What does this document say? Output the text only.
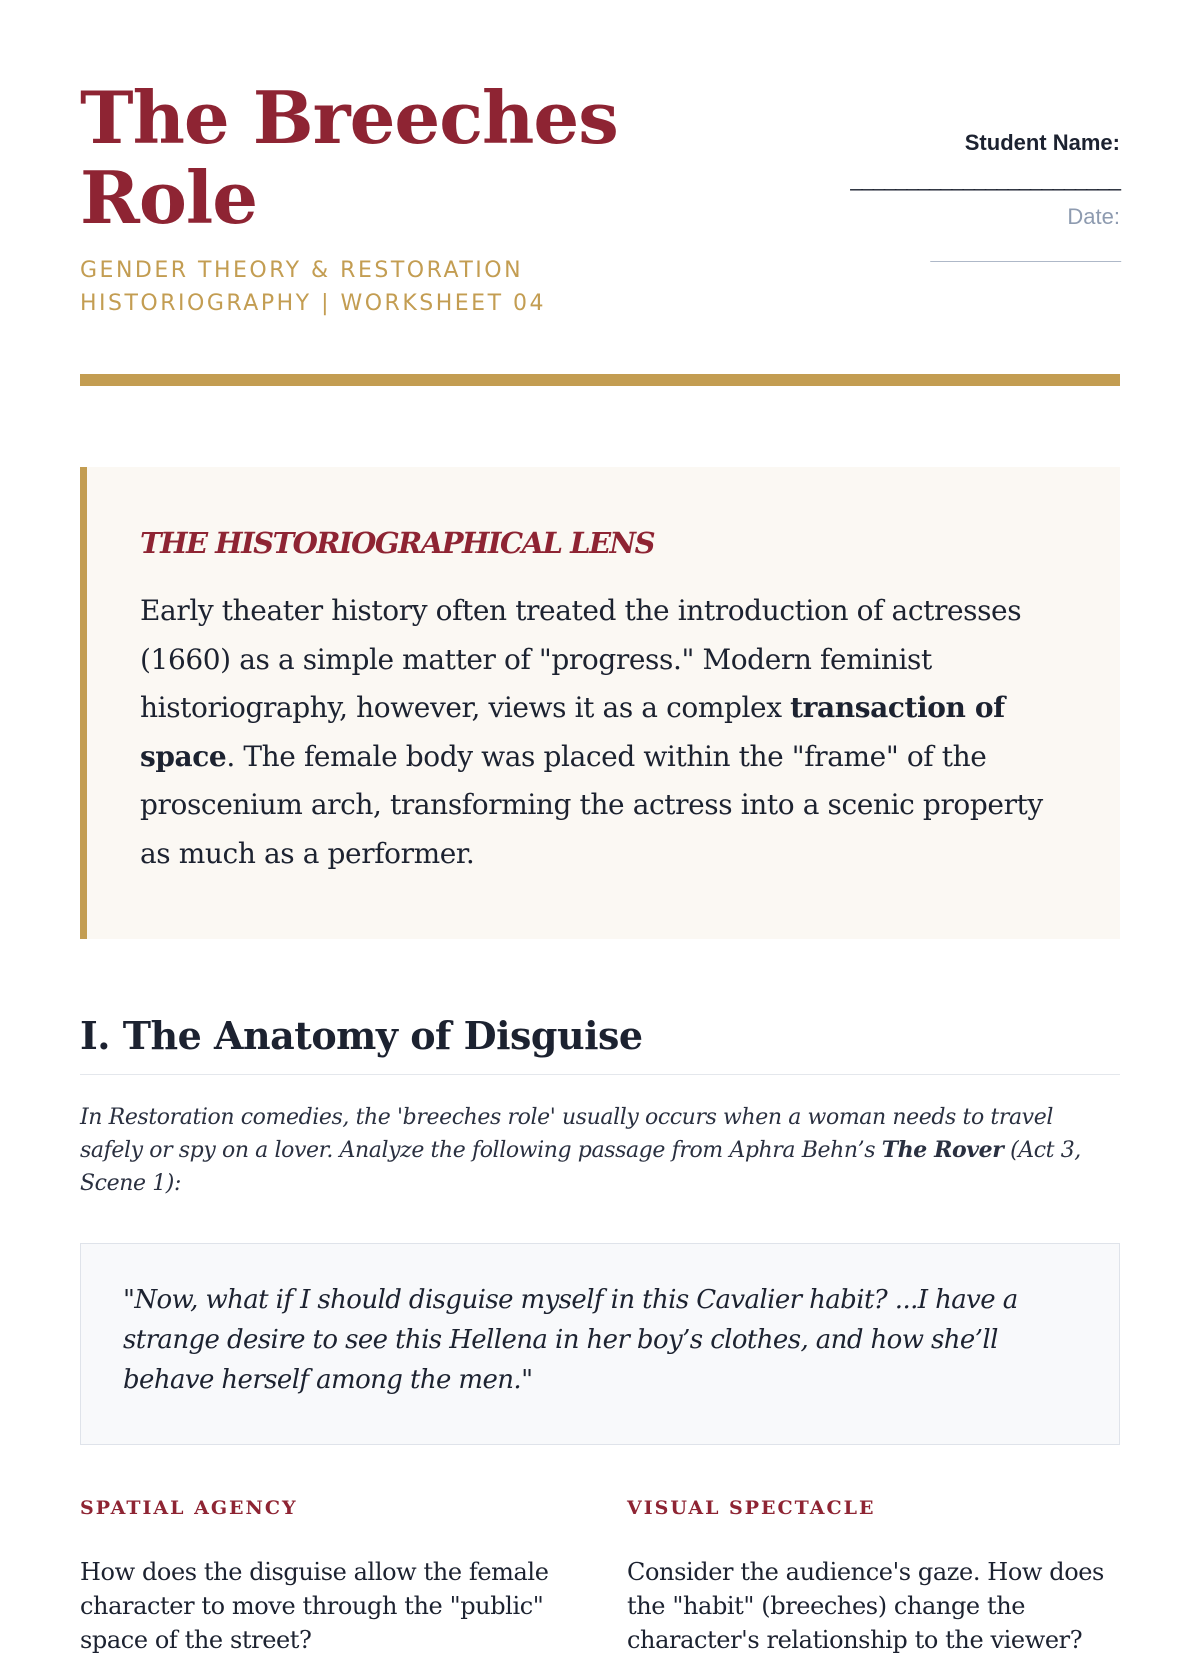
The Breeches Role
GENDER THEORY & RESTORATION HISTORIOGRAPHY | WORKSHEET 04
Student Name:
________________________
Date:
________________________
THE HISTORIOGRAPHICAL LENS

Early theater history often treated the introduction of actresses (1660) as a simple matter of "progress." Modern feminist historiography, however, views it as a complex transaction of space. The female body was placed within the "frame" of the proscenium arch, transforming the actress into a scenic property as much as a performer.

I. The Anatomy of Disguise

In Restoration comedies, the 'breeches role' usually occurs when a woman needs to travel safely or spy on a lover. Analyze the following passage from Aphra Behn’s The Rover (Act 3, Scene 1):

"Now, what if I should disguise myself in this Cavalier habit? ...I have a strange desire to see this Hellena in her boy’s clothes, and how she’ll behave herself among the men."

SPATIAL AGENCY

How does the disguise allow the female character to move through the "public" space of the street?

VISUAL SPECTACLE

Consider the audience's gaze. How does the "habit" (breeches) change the character's relationship to the viewer?
